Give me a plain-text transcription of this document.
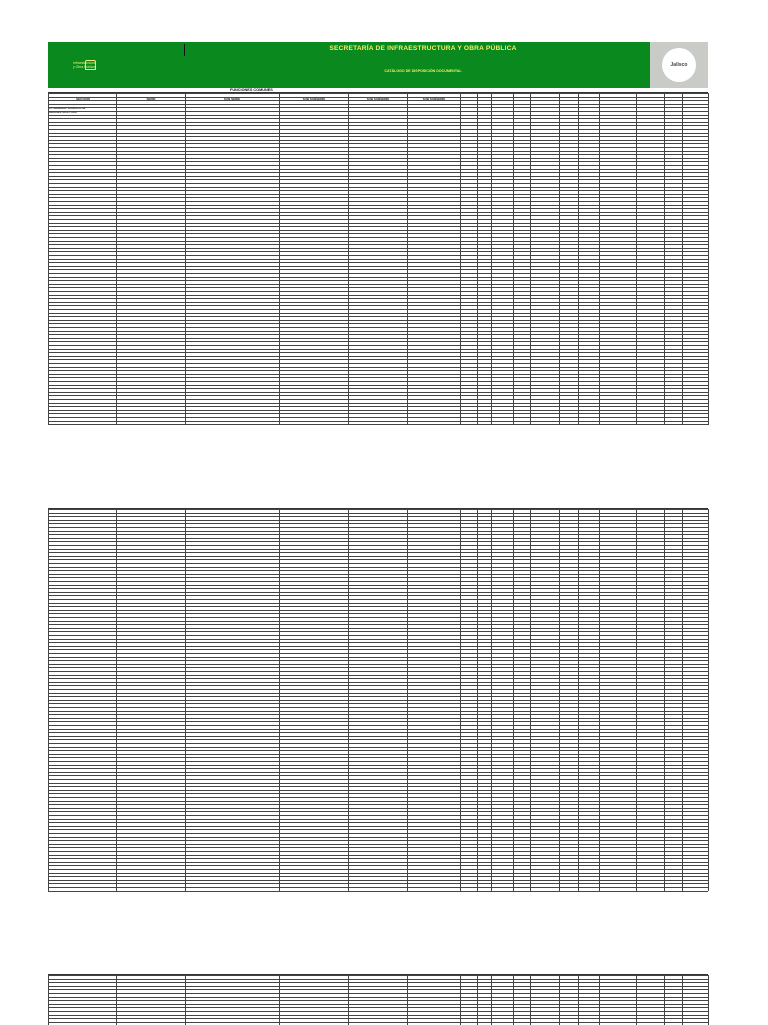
Infraestructura
y Obra Pública
SECRETARÍA DE INFRAESTRUCTURA Y OBRA PÚBLICA
CATÁLOGO DE DISPOSICIÓN DOCUMENTAL
Jalisco
FUNCIONES COMUNES
SECCIÓN	SERIE	SUB SERIE	SUB SUBSERIE	SUB SUBSERIE	SUB SUBSERIE
1C GENERAL JURÍDICA DE INFRAESTRUCTURA
